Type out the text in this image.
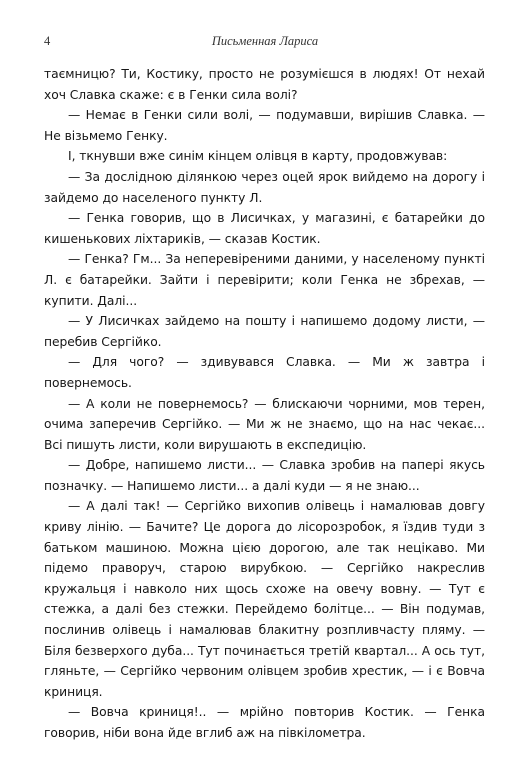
4	Письменная Лариса

таємницю? Ти, Костику, просто не розумієшся в людях! От нехай хоч Славка скаже: є в Генки сила волі?

— Немає в Генки сили волі, — подумавши, вирішив Славка. — Не візьмемо Генку.

І, ткнувши вже синім кінцем олівця в карту, продовжував:

— За дослідною ділянкою через оцей ярок вийдемо на дорогу і зайдемо до населеного пункту Л.

— Генка говорив, що в Лисичках, у магазині, є батарейки до кишенькових ліхтариків, — сказав Костик.

— Генка? Гм... За неперевіреними даними, у населеному пункті Л. є батарейки. Зайти і перевірити; коли Генка не збрехав, — купити. Далі...

— У Лисичках зайдемо на пошту і напишемо додому листи, — перебив Сергійко.

— Для чого? — здивувався Славка. — Ми ж завтра і повернемось.

— А коли не повернемось? — блискаючи чорними, мов терен, очима заперечив Сергійко. — Ми ж не знаємо, що на нас чекає... Всі пишуть листи, коли вирушають в експедицію.

— Добре, напишемо листи... — Славка зробив на папері якусь позначку. — Напишемо листи... а далі куди — я не знаю...

— А далі так! — Сергійко вихопив олівець і намалював довгу криву лінію. — Бачите? Це дорога до лісорозробок, я їздив туди з батьком машиною. Можна цією дорогою, але так нецікаво. Ми підемо праворуч, старою вирубкою. — Сергійко накреслив кружальця і навколо них щось схоже на овечу вовну. — Тут є стежка, а далі без стежки. Перейдемо болітце... — Він подумав, послинив олівець і намалював блакитну розпливчасту пляму. — Біля безверхого дуба... Тут починається третій квартал... А ось тут, гляньте, — Сергійко червоним олівцем зробив хрестик, — і є Вовча криниця.

— Вовча криниця!.. — мрійно повторив Костик. — Генка говорив, ніби вона йде вглиб аж на півкілометра.
